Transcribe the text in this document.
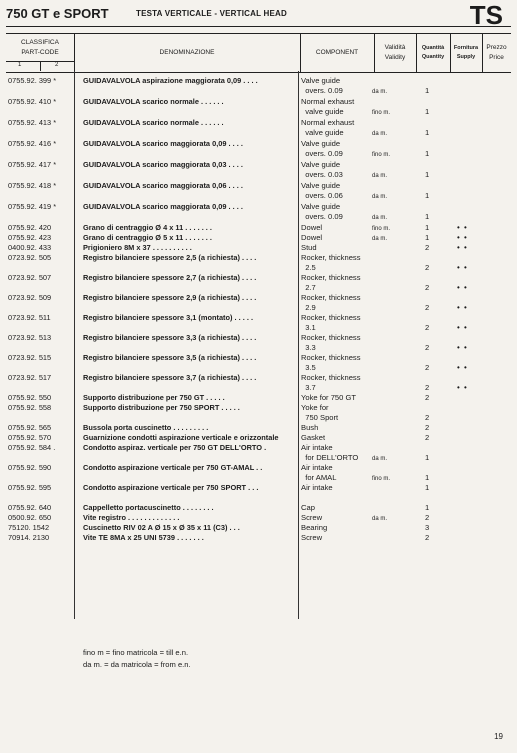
750 GT e SPORT	TESTA VERTICALE - VERTICAL HEAD	TS
CLASSIFICA
PART-CODE	DENOMINAZIONE	COMPONENT
Validità
Validity
Quantità
Quantity
Fornitura
Supply
Prezzo
Price
1	2
0755.92. 399 *	GUIDAVALVOLA aspirazione maggiorata 0,09 . . . .	Valve guide
overs. 0.09	da m.	1
0755.92. 410 *	GUIDAVALVOLA scarico normale . . . . . .	Normal exhaust
valve guide	fino m.	1
0755.92. 413 *	GUIDAVALVOLA scarico normale . . . . . .	Normal exhaust
valve guide	da m.	1
0755.92. 416 *	GUIDAVALVOLA scarico maggiorata 0,09 . . . .	Valve guide
overs. 0.09	fino m.	1
0755.92. 417 *	GUIDAVALVOLA scarico maggiorata 0,03 . . . .	Valve guide
overs. 0.03	da m.	1
0755.92. 418 *	GUIDAVALVOLA scarico maggiorata 0,06 . . . .	Valve guide
overs. 0.06	da m.	1
0755.92. 419 *	GUIDAVALVOLA scarico maggiorata 0,09 . . . .	Valve guide
overs. 0.09	da m.	1
0755.92. 420	Grano di centraggio Ø 4 x 11 . . . . . . .	Dowel	fino m.	1	• •
0755.92. 423	Grano di centraggio Ø 5 x 11 . . . . . . .	Dowel	da m.	1	• •
0400.92. 433	Prigioniero 8M x 37 . . . . . . . . . .	Stud	2	• •
0723.92. 505	Registro bilanciere spessore 2,5 (a richiesta) . . . .	Rocker, thickness
2.5	2	• •
0723.92. 507	Registro bilanciere spessore 2,7 (a richiesta) . . . .	Rocker, thickness
2.7	2	• •
0723.92. 509	Registro bilanciere spessore 2,9 (a richiesta) . . . .	Rocker, thickness
2.9	2	• •
0723.92. 511	Registro bilanciere spessore 3,1 (montato) . . . . .	Rocker, thickness
3.1	2	• •
0723.92. 513	Registro bilanciere spessore 3,3 (a richiesta) . . . .	Rocker, thickness
3.3	2	• •
0723.92. 515	Registro bilanciere spessore 3,5 (a richiesta) . . . .	Rocker, thickness
3.5	2	• •
0723.92. 517	Registro bilanciere spessore 3,7 (a richiesta) . . . .	Rocker, thickness
3.7	2	• •
0755.92. 550	Supporto distribuzione per 750 GT . . . . .	Yoke for 750 GT	2
0755.92. 558	Supporto distribuzione per 750 SPORT . . . . .	Yoke for
750 Sport	2
0755.92. 565	Bussola porta cuscinetto . . . . . . . . .	Bush	2
0755.92. 570	Guarnizione condotti aspirazione verticale e orizzontale	Gasket	2
0755.92. 584 .	Condotto aspiraz. verticale per 750 GT DELL'ORTO .	Air intake
for DELL'ORTO da m.	1
0755.92. 590	Condotto aspirazione verticale per 750 GT-AMAL . .	Air intake
for AMAL	fino m.	1
0755.92. 595	Condotto aspirazione verticale per 750 SPORT . . .	Air intake	1
0755.92. 640	Cappelletto portacuscinetto . . . . . . . .	Cap	1
0500.92. 650	Vite registro . . . . . . . . . . . . .	Screw	da m.	2
75120. 1542	Cuscinetto RIV 02 A Ø 15 x Ø 35 x 11 (C3) . . .	Bearing	3
70914. 2130	Vite TE 8MA x 25 UNI 5739 . . . . . . .	Screw	2
fino m = fino matricola = till e.n.
da m. = da matricola = from e.n.
19
